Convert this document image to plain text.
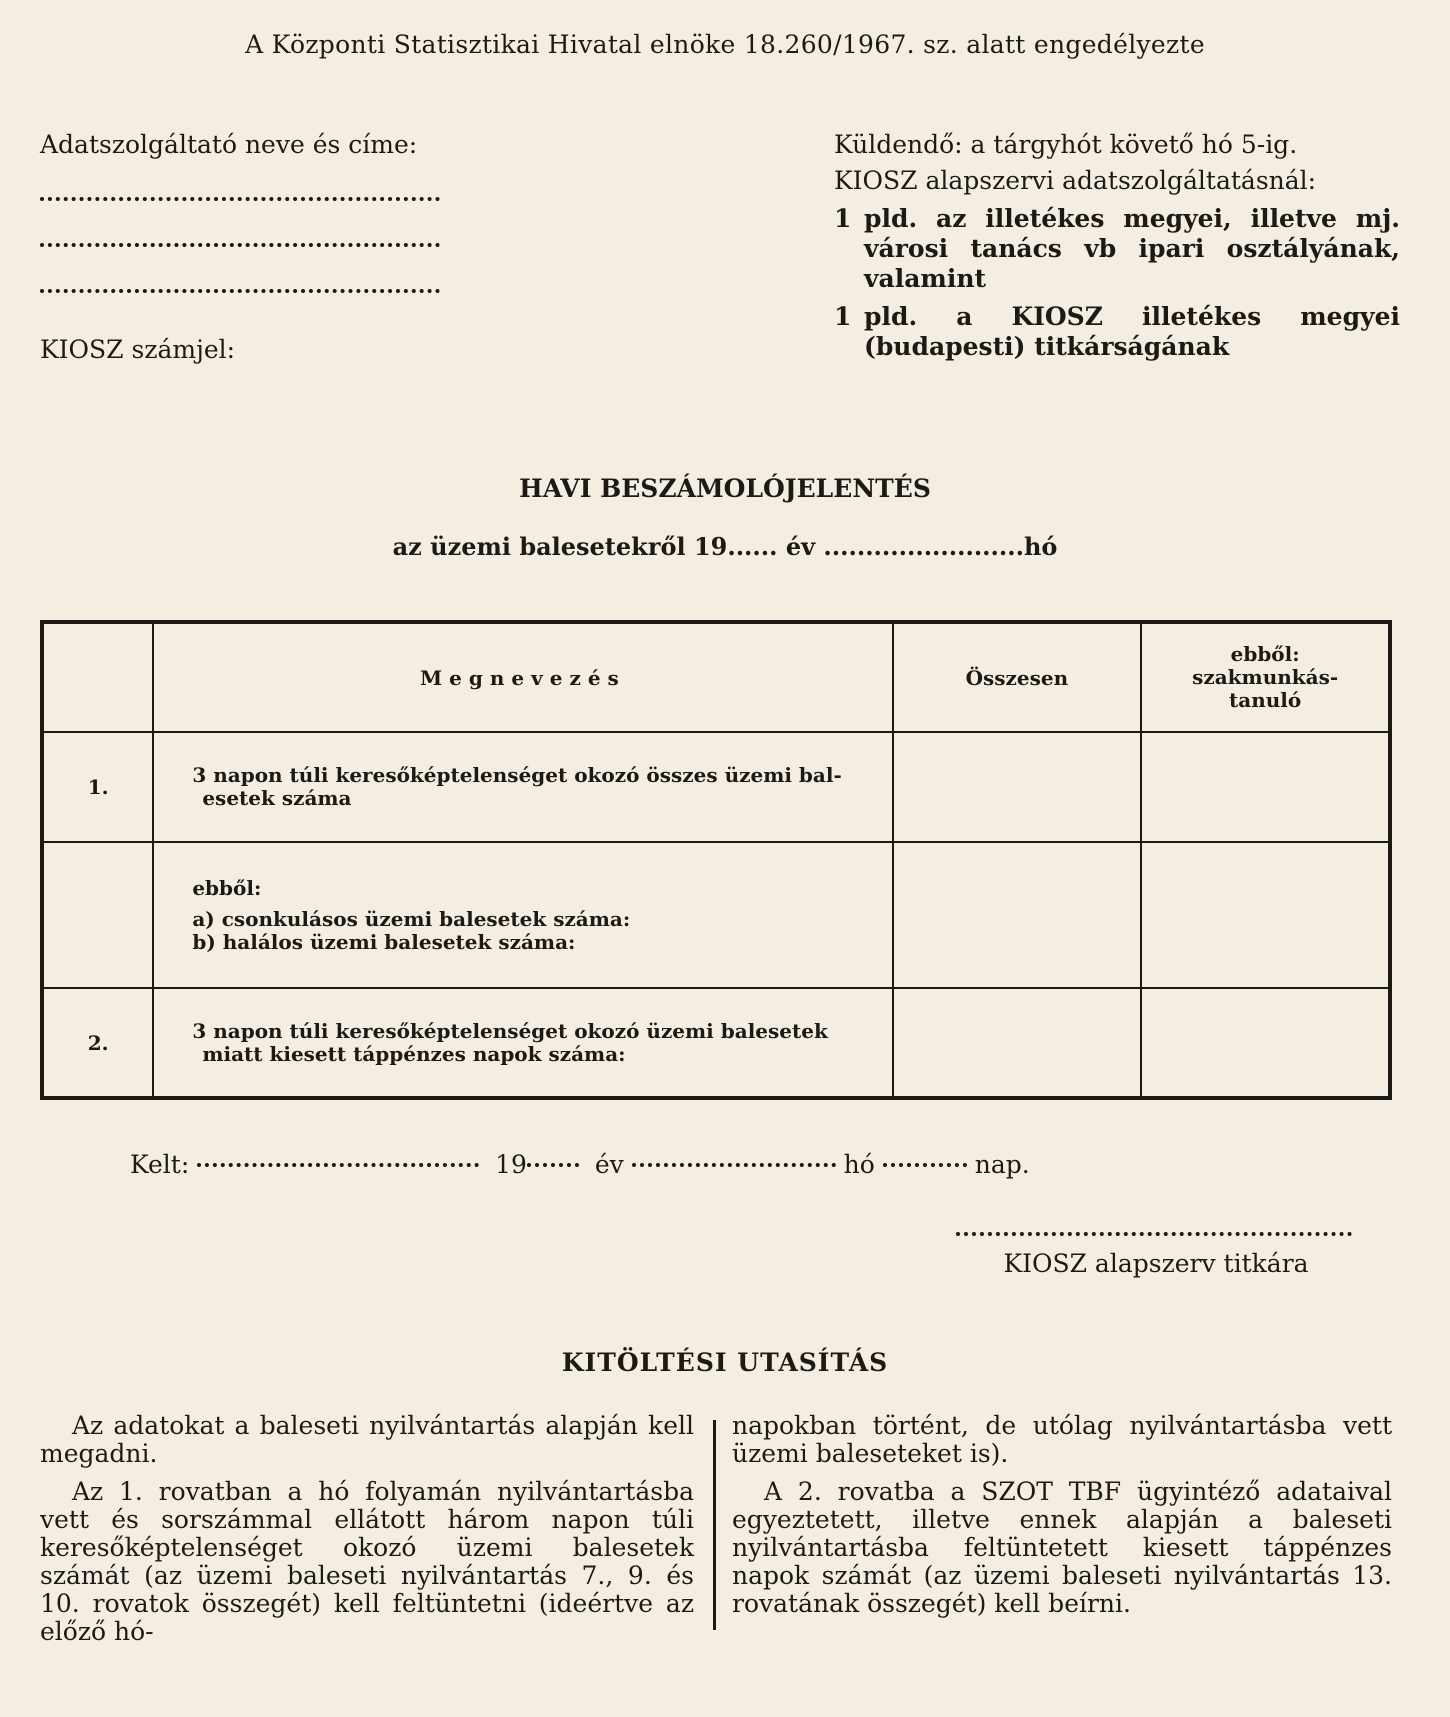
A Központi Statisztikai Hivatal elnöke 18.260/1967. sz. alatt engedélyezte
Adatszolgáltató neve és címe:
KIOSZ számjel:

Küldendő: a tárgyhót követő hó 5-ig.

KIOSZ alapszervi adatszolgáltatásnál:

1 pld. az illetékes megyei, illetve mj. városi tanács vb ipari osztályának, valamint
1 pld. a KIOSZ illetékes megyei (budapesti) titkárságának
HAVI BESZÁMOLÓJELENTÉS
az üzemi balesetekről 19...... év ........................hó
	Megnevezés	Összesen	ebből:
szakmunkás-
tanuló

1.	3 napon túli keresőképtelenséget okozó összes üzemi bal-
esetek száma		

	ebből:
a) csonkulásos üzemi balesetek száma:
b) halálos üzemi balesetek száma:		

2.	3 napon túli keresőképtelenséget okozó üzemi balesetek
miatt kiesett táppénzes napok száma:		

Kelt:	19	év	hó	nap.
KIOSZ alapszerv titkára
KITÖLTÉSI UTASÍTÁS

Az adatokat a baleseti nyilvántartás alapján kell megadni.

Az 1. rovatban a hó folyamán nyilvántartásba vett és sorszámmal ellátott három napon túli keresőképtelenséget okozó üzemi balesetek számát (az üzemi baleseti nyilvántartás 7., 9. és 10. rovatok összegét) kell feltüntetni (ideértve az előző hó-

napokban történt, de utólag nyilvántartásba vett üzemi baleseteket is).

A 2. rovatba a SZOT TBF ügyintéző adataival egyeztetett, illetve ennek alapján a baleseti nyilvántartásba feltüntetett kiesett táppénzes napok számát (az üzemi baleseti nyilvántartás 13. rovatának összegét) kell beírni.
